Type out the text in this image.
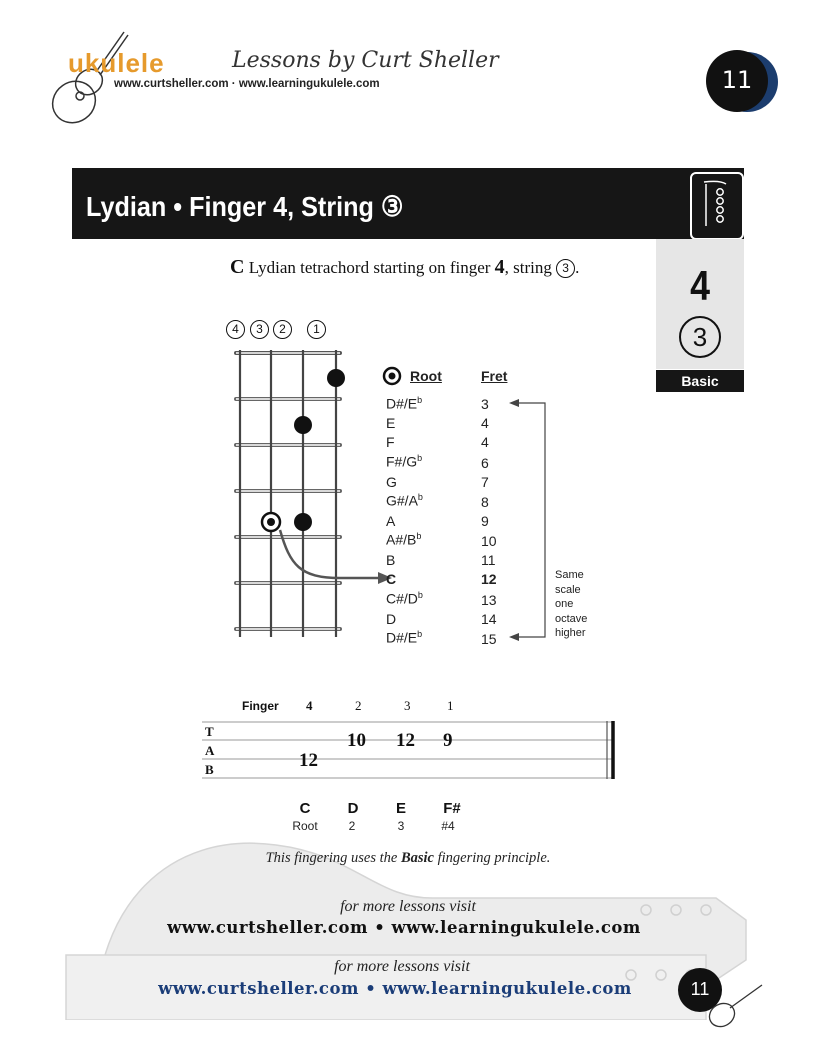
ukulele	Lessons by Curt Sheller
www.curtsheller.com · www.learningukulele.com	11
Lydian • Finger 4, String ③
4
3
Basic
C Lydian tetrachord starting on finger 4, string 3 .
4	3	2	1
Root	Fret
$D\#/E^b$	3
E	4
F	4
$F\#/G^b$	6
G	7
$G\#/A^b$	8
A	9
$A\#/B^b$	10
B	11
C	12
$C\#/D^b$	13
D	14
$D\#/E^b$	15
Same
scale
one
octave
higher
Finger 4	2	3	1
T
A
B	12
10 12 9
C	D	E	F#
Root	2	3	#4
This fingering uses the Basic fingering principle.
for more lessons visit
www.curtsheller.com • www.learningukulele.com
for more lessons visit
www.curtsheller.com • www.learningukulele.com	11
